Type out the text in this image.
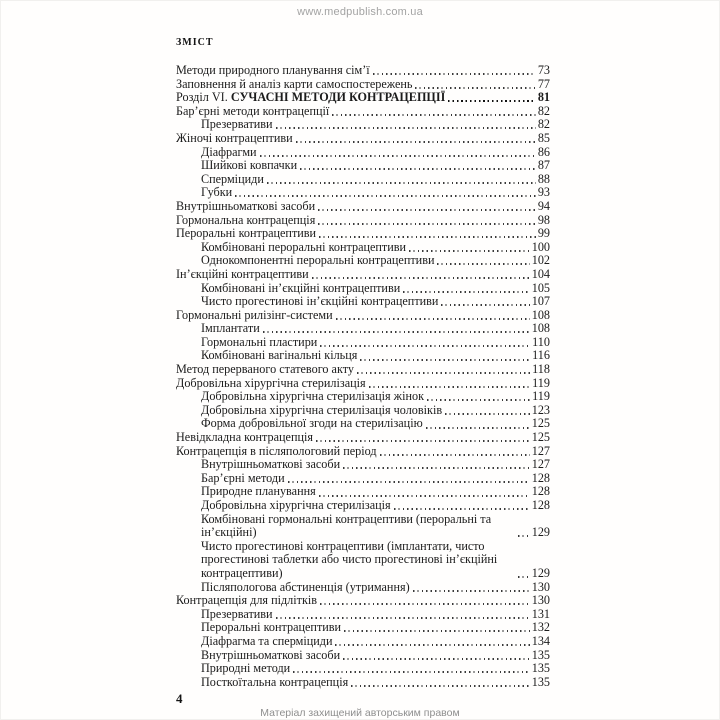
www.medpublish.com.ua
ЗМІСТ
Методи природного планування сім’ї	73
Заповнення й аналіз карти самоспостережень	77
Розділ VI. СУЧАСНІ МЕТОДИ КОНТРАЦЕПЦІЇ	81
Бар’єрні методи контрацепції	82
Презервативи	82
Жіночі контрацептиви	85
Діафрагми	86
Шийкові ковпачки	87
Сперміциди	88
Губки	93
Внутрішньоматкові засоби	94
Гормональна контрацепція	98
Пероральні контрацептиви	99
Комбіновані пероральні контрацептиви	100
Однокомпонентні пероральні контрацептиви	102
Ін’єкційні контрацептиви	104
Комбіновані ін’єкційні контрацептиви	105
Чисто прогестинові ін’єкційні контрацептиви	107
Гормональні рилізінг-системи	108
Імплантати	108
Гормональні пластири	110
Комбіновані вагінальні кільця	116
Метод перерваного статевого акту	118
Добровільна хірургічна стерилізація	119
Добровільна хірургічна стерилізація жінок	119
Добровільна хірургічна стерилізація чоловіків	123
Форма добровільної згоди на стерилізацію	125
Невідкладна контрацепція	125
Контрацепція в післяпологовий період	127
Внутрішньоматкові засоби	127
Бар’єрні методи	128
Природне планування	128
Добровільна хірургічна стерилізація	128
Комбіновані гормональні контрацептиви (пероральні та ін’єкційні)	129
Чисто прогестинові контрацептиви (імплантати, чисто прогестинові таблетки або чисто прогестинові ін’єкційні контрацептиви)	129
Післяпологова абстиненція (утримання)	130
Контрацепція для підлітків	130
Презервативи	131
Пероральні контрацептиви	132
Діафрагма та сперміциди	134
Внутрішньоматкові засоби	135
Природні методи	135
Посткоїтальна контрацепція	135
4
Матеріал захищений авторським правом
